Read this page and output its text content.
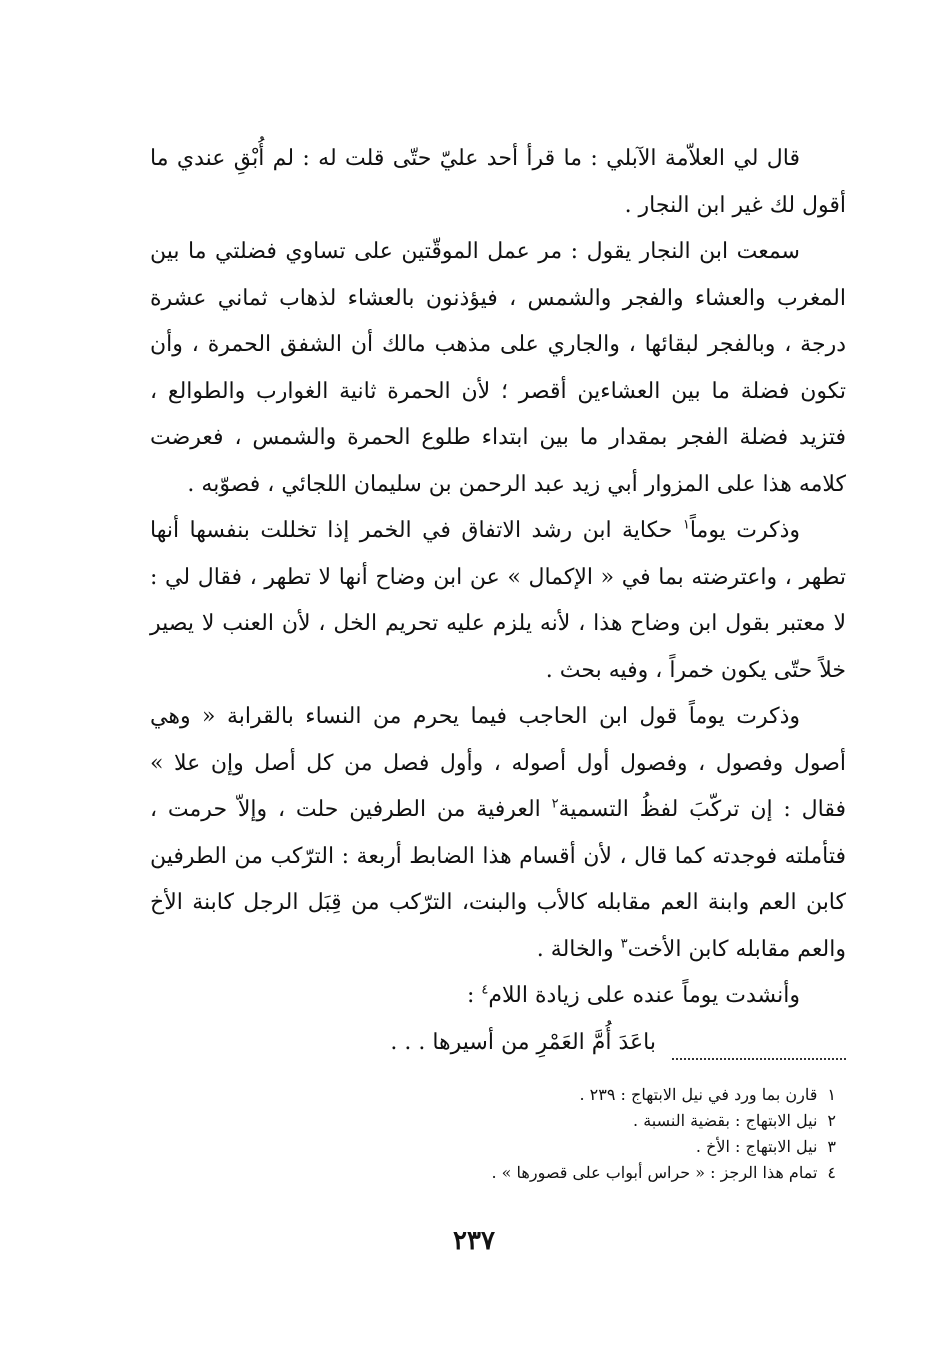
قال لي العلاّمة الآبلي : ما قرأ أحد عليّ حتّى قلت له : لم أُبْقِ عندي ما أقول لك غير ابن النجار .

سمعت ابن النجار يقول : مر عمل الموقّتين على تساوي فضلتي ما بين المغرب والعشاء والفجر والشمس ، فيؤذنون بالعشاء لذهاب ثماني عشرة درجة ، وبالفجر لبقائها ، والجاري على مذهب مالك أن الشفق الحمرة ، وأن تكون فضلة ما بين العشاءين أقصر ؛ لأن الحمرة ثانية الغوارب والطوالع ، فتزيد فضلة الفجر بمقدار ما بين ابتداء طلوع الحمرة والشمس ، فعرضت كلامه هذا على المزوار أبي زيد عبد الرحمن بن سليمان اللجائي ، فصوّبه .

وذكرت يوماً$^١$ حكاية ابن رشد الاتفاق في الخمر إذا تخللت بنفسها أنها تطهر ، واعترضته بما في « الإكمال » عن ابن وضاح أنها لا تطهر ، فقال لي : لا معتبر بقول ابن وضاح هذا ، لأنه يلزم عليه تحريم الخل ، لأن العنب لا يصير خلاً حتّى يكون خمراً ، وفيه بحث .

وذكرت يوماً قول ابن الحاجب فيما يحرم من النساء بالقرابة « وهي أصول وفصول ، وفصول أول أصوله ، وأول فصل من كل أصل وإن علا » فقال : إن تركّبَ لفظُ التسمية$^٢$ العرفية من الطرفين حلت ، وإلاّ حرمت ، فتأملته فوجدته كما قال ، لأن أقسام هذا الضابط أربعة : الترّكب من الطرفين كابن العم وابنة العم مقابله كالأب والبنت، الترّكب من قِبَل الرجل كابنة الأخ والعم مقابله كابن الأخت$^٣$ والخالة .

وأنشدت يوماً عنده على زيادة اللام$^٤$ :

باعَدَ أُمَّ العَمْرِ من أسيرها . . .

١قارن بما ورد في نيل الابتهاج : ٢٣٩ .

٢نيل الابتهاج : بقضية النسبة .

٣نيل الابتهاج : الأخ .

٤تمام هذا الرجز : « حراس أبواب على قصورها » .

٢٣٧
